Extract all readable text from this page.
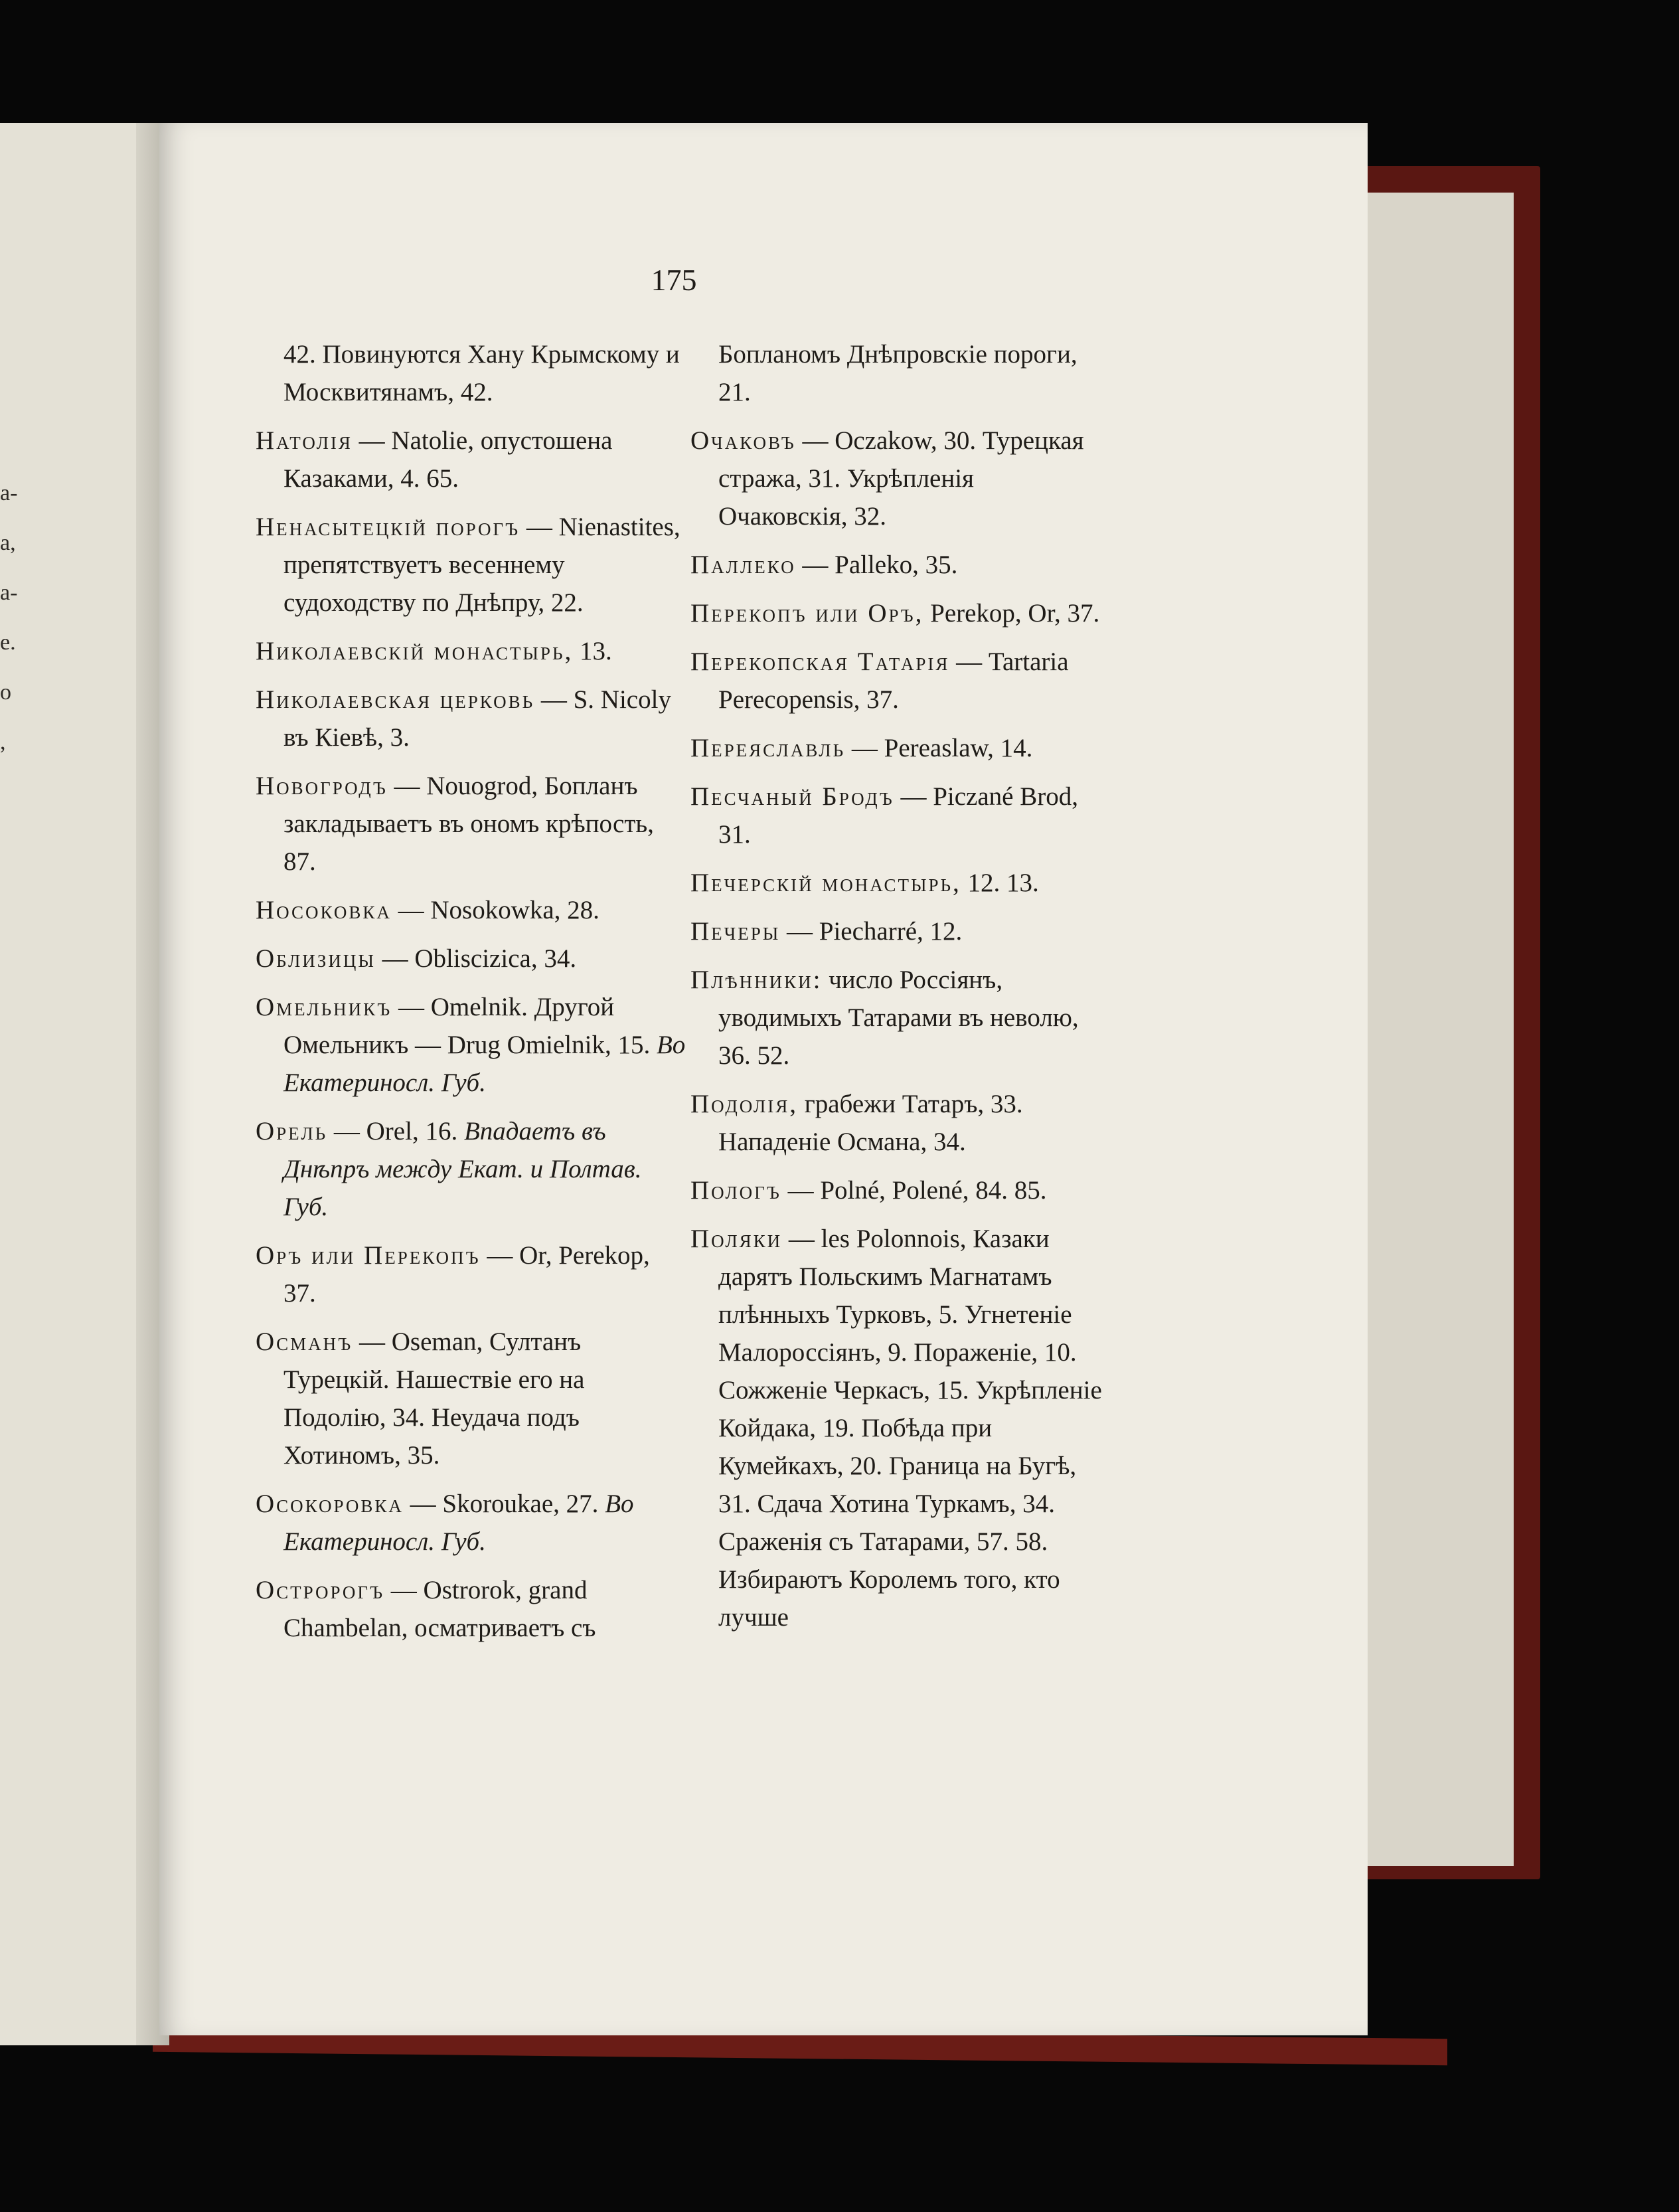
а-
а,
а-
е.
о
,
175

42. Повинуются Хану Крымскому и Москвитянамъ, 42.

Натолія — Natolie, опустошена Казаками, 4. 65.

Ненасытецкій порогъ — Nienastites, препятствуетъ весеннему судоходству по Днѣпру, 22.

Николаевскій монастырь, 13.

Николаевская церковь — S. Nicoly въ Кіевѣ, 3.

Новогродъ — Nouogrod, Бопланъ закладываетъ въ ономъ крѣпость, 87.

Носоковка — Nosokowka, 28.

Облизицы — Obliscizica, 34.

Омельникъ — Omelnik. Другой Омельникъ — Drug Omielnik, 15. Во Екатериносл. Губ.

Орель — Orel, 16. Впадаетъ въ Днѣпръ между Екат. и Полтав. Губ.

Оръ или Перекопъ — Or, Perekop, 37.

Османъ — Oseman, Султанъ Турецкій. Нашествіе его на Подолію, 34. Неудача подъ Хотиномъ, 35.

Осокоровка — Skoroukae, 27. Во Екатериносл. Губ.

Остророгъ — Ostrorok, grand Chambelan, осматриваетъ съ

Бопланомъ Днѣпровскіе пороги, 21.

Очаковъ — Oczakow, 30. Турецкая стража, 31. Укрѣпленія Очаковскія, 32.

Паллеко — Palleko, 35.

Перекопъ или Оръ, Perekop, Or, 37.

Перекопская Татарія — Tartaria Perecopensis, 37.

Переяславль — Pereaslaw, 14.

Песчаный Бродъ — Piczané Brod, 31.

Печерскій монастырь, 12. 13.

Печеры — Piecharré, 12.

Плѣнники: число Россіянъ, уводимыхъ Татарами въ неволю, 36. 52.

Подолія, грабежи Татаръ, 33. Нападеніе Османа, 34.

Пологъ — Polné, Polené, 84. 85.

Поляки — les Polonnois, Казаки дарятъ Польскимъ Магнатамъ плѣнныхъ Турковъ, 5. Угнетеніе Малороссіянъ, 9. Пораженіе, 10. Сожженіе Черкасъ, 15. Укрѣпленіе Койдака, 19. Побѣда при Кумейкахъ, 20. Граница на Бугѣ, 31. Сдача Хотина Туркамъ, 34. Сраженія съ Татарами, 57. 58. Избираютъ Королемъ того, кто лучше
